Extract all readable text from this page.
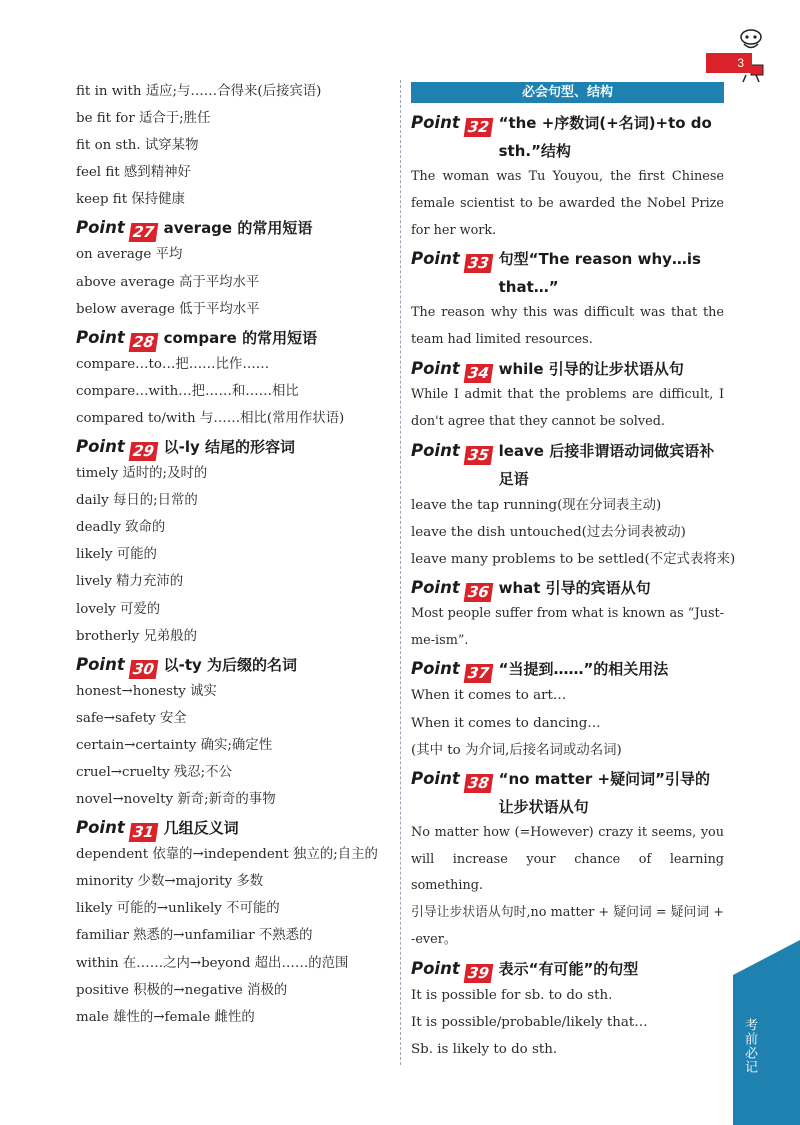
3
fit in with 适应;与……合得来(后接宾语)
be fit for 适合于;胜任
fit on sth. 试穿某物
feel fit 感到精神好
keep fit 保持健康
Point 27 average 的常用短语
on average 平均
above average 高于平均水平
below average 低于平均水平
Point 28 compare 的常用短语
compare…to…把……比作……
compare…with…把……和……相比
compared to/with 与……相比(常用作状语)
Point 29 以-ly 结尾的形容词
timely 适时的;及时的
daily 每日的;日常的
deadly 致命的
likely 可能的
lively 精力充沛的
lovely 可爱的
brotherly 兄弟般的
Point 30 以-ty 为后缀的名词
honest→honesty 诚实
safe→safety 安全
certain→certainty 确实;确定性
cruel→cruelty 残忍;不公
novel→novelty 新奇;新奇的事物
Point 31 几组反义词
dependent 依靠的→independent 独立的;自主的
minority 少数→majority 多数
likely 可能的→unlikely 不可能的
familiar 熟悉的→unfamiliar 不熟悉的
within 在……之内→beyond 超出……的范围
positive 积极的→negative 消极的
male 雄性的→female 雌性的
必会句型、结构
Point 32 “the +序数词(+名词)+to do sth.”结构
The woman was Tu Youyou, the first Chinese female scientist to be awarded the Nobel Prize for her work.
Point 33 句型“The reason why…is that…”
The reason why this was difficult was that the team had limited resources.
Point 34 while 引导的让步状语从句
While I admit that the problems are difficult, I don't agree that they cannot be solved.
Point 35 leave 后接非谓语动词做宾语补足语
leave the tap running(现在分词表主动)
leave the dish untouched(过去分词表被动)
leave many problems to be settled(不定式表将来)
Point 36 what 引导的宾语从句
Most people suffer from what is known as “Just-me-ism”.
Point 37 “当提到……”的相关用法
When it comes to art…
When it comes to dancing…
(其中 to 为介词,后接名词或动名词)
Point 38 “no matter +疑问词”引导的让步状语从句
No matter how (=However) crazy it seems, you will increase your chance of learning something.
引导让步状语从句时,no matter + 疑问词 = 疑问词 + -ever。
Point 39 表示“有可能”的句型
It is possible for sb. to do sth.
It is possible/probable/likely that…
Sb. is likely to do sth.	考前必记
